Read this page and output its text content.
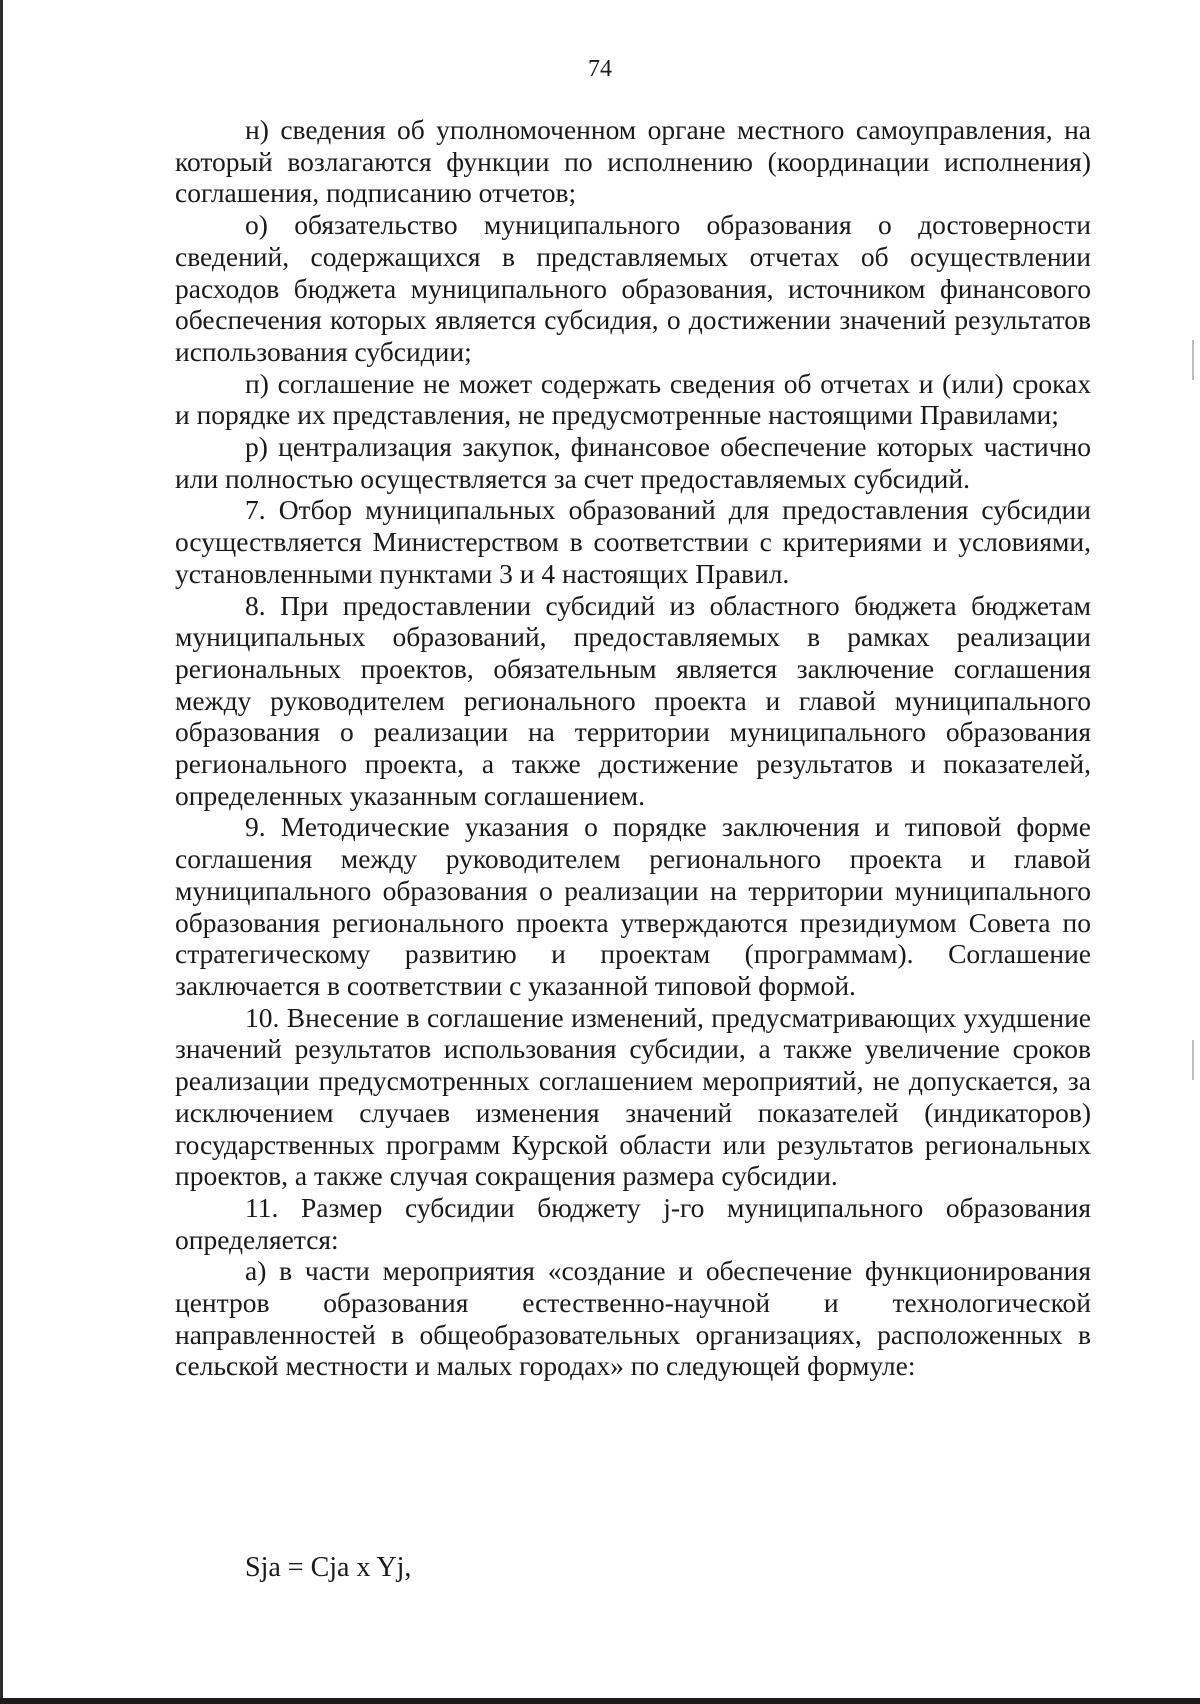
74

н) сведения об уполномоченном органе местного самоуправления, на который возлагаются функции по исполнению (координации исполнения) соглашения, подписанию отчетов;

о) обязательство муниципального образования о достоверности сведений, содержащихся в представляемых отчетах об осуществлении расходов бюджета муниципального образования, источником финансового обеспечения которых является субсидия, о достижении значений результатов использования субсидии;

п) соглашение не может содержать сведения об отчетах и (или) сроках и порядке их представления, не предусмотренные настоящими Правилами;

р) централизация закупок, финансовое обеспечение которых частично или полностью осуществляется за счет предоставляемых субсидий.

7. Отбор муниципальных образований для предоставления субсидии осуществляется Министерством в соответствии с критериями и условиями, установленными пунктами 3 и 4 настоящих Правил.

8. При предоставлении субсидий из областного бюджета бюджетам муниципальных образований, предоставляемых в рамках реализации региональных проектов, обязательным является заключение соглашения между руководителем регионального проекта и главой муниципального образования о реализации на территории муниципального образования регионального проекта, а также достижение результатов и показателей, определенных указанным соглашением.

9. Методические указания о порядке заключения и типовой форме соглашения между руководителем регионального проекта и главой муниципального образования о реализации на территории муниципального образования регионального проекта утверждаются президиумом Совета по стратегическому развитию и проектам (программам). Соглашение заключается в соответствии с указанной типовой формой.

10. Внесение в соглашение изменений, предусматривающих ухудшение значений результатов использования субсидии, а также увеличение сроков реализации предусмотренных соглашением мероприятий, не допускается, за исключением случаев изменения значений показателей (индикаторов) государственных программ Курской области или результатов региональных проектов, а также случая сокращения размера субсидии.

11. Размер субсидии бюджету j-го муниципального образования определяется:

а) в части мероприятия «создание и обеспечение функционирования центров образования естественно-научной и технологической направленностей в общеобразовательных организациях, расположенных в сельской местности и малых городах» по следующей формуле:

Sja = Cja x Yj,
